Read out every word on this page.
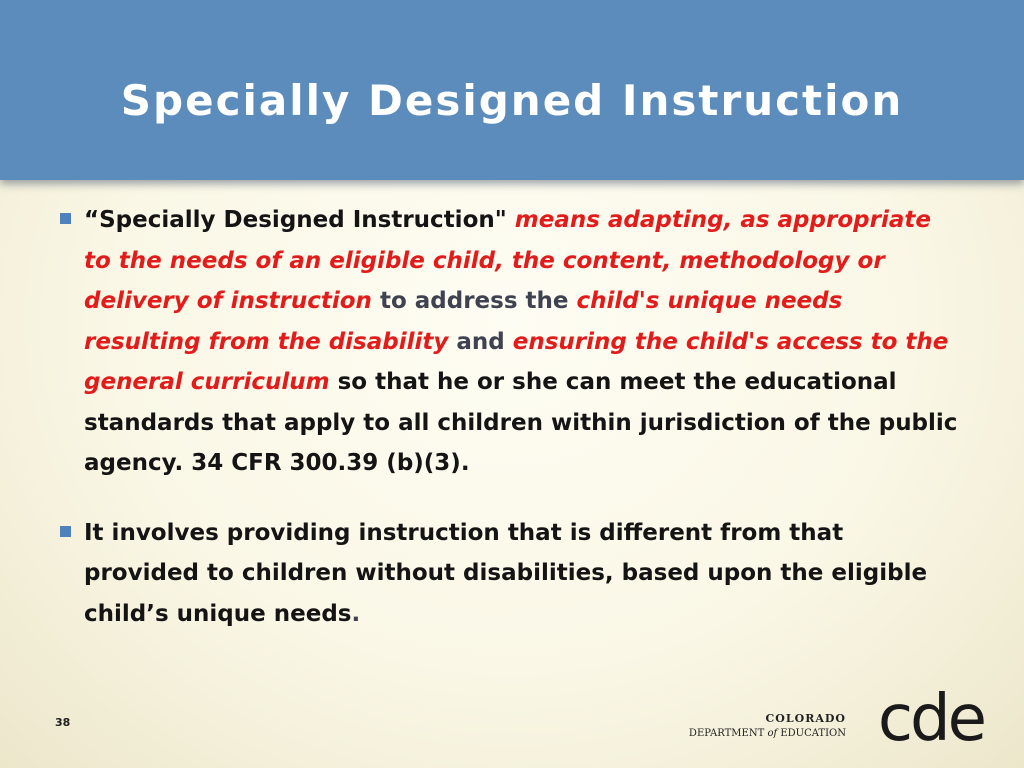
Specially Designed Instruction
“Specially Designed Instruction" means adapting, as appropriate to the needs of an eligible child, the content, methodology or delivery of instruction to address the child's unique needs resulting from the disability and ensuring the child's access to the general curriculum so that he or she can meet the educational standards that apply to all children within jurisdiction of the public agency. 34 CFR 300.39 (b)(3).
It involves providing instruction that is different from that provided to children without disabilities, based upon the eligible child’s unique needs.
38	COLORADO
DEPARTMENT of EDUCATION cde
